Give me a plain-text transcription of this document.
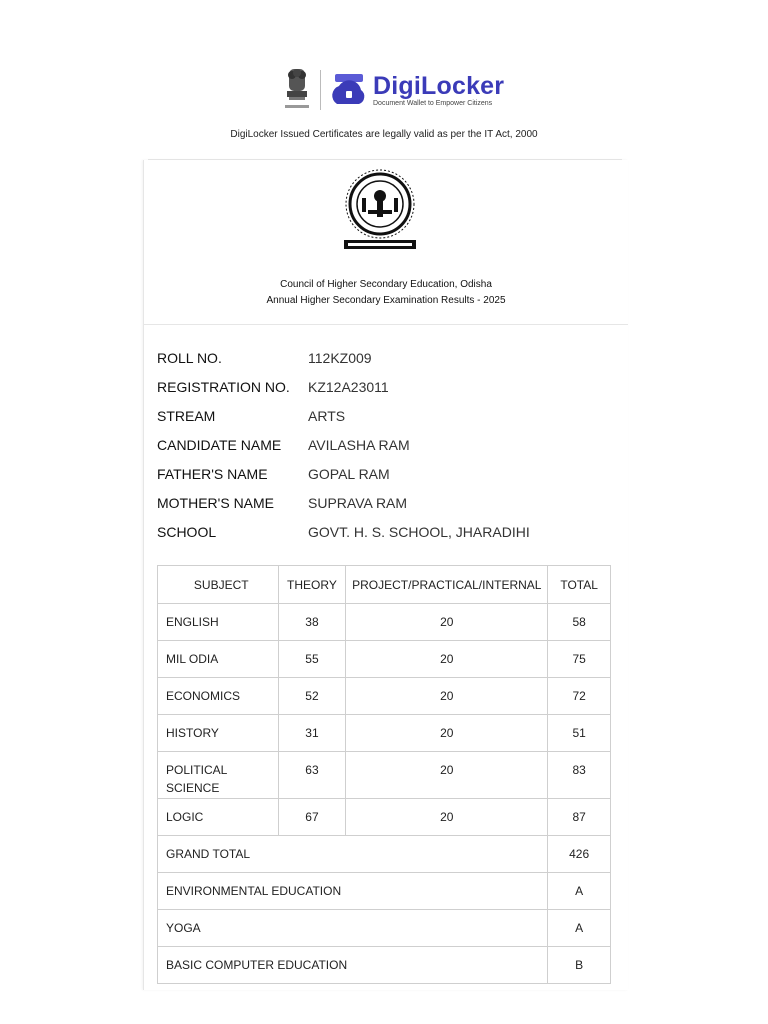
DigiLocker
Document Wallet to Empower Citizens
DigiLocker Issued Certificates are legally valid as per the IT Act, 2000
Council of Higher Secondary Education, Odisha
Annual Higher Secondary Examination Results - 2025
ROLL NO.	112KZ009
REGISTRATION NO.	KZ12A23011
STREAM	ARTS
CANDIDATE NAME	AVILASHA RAM
FATHER'S NAME	GOPAL RAM
MOTHER'S NAME	SUPRAVA RAM
SCHOOL	GOVT. H. S. SCHOOL, JHARADIHI
SUBJECT	THEORY	PROJECT/PRACTICAL/INTERNAL	TOTAL
ENGLISH	38	20	58
MIL ODIA	55	20	75
ECONOMICS	52	20	72
HISTORY	31	20	51
POLITICAL SCIENCE	63	20	83
LOGIC	67	20	87
GRAND TOTAL			426
ENVIRONMENTAL EDUCATION			A
YOGA			A
BASIC COMPUTER EDUCATION			B
